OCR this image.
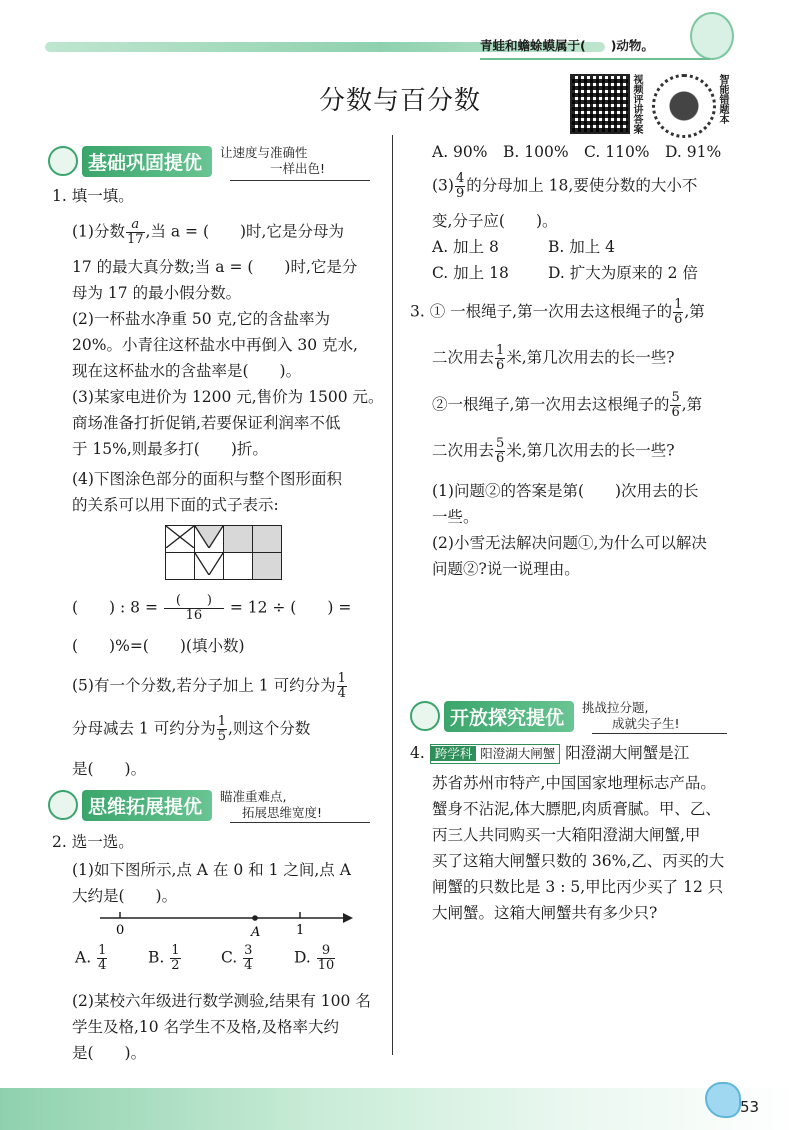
青蛙和蟾蜍蟆属于(　　)动物。
分数与百分数	视频评讲答案	智能错题本
基础巩固提优	让速度与准确性
一样出色!
1. 填一填。
(1)分数 $\frac{a}{17}$ ,当 a = (　　)时,它是分母为
17 的最大真分数;当 a = (　　)时,它是分
母为 17 的最小假分数。
(2)一杯盐水净重 50 克,它的含盐率为
20%。小青往这杯盐水中再倒入 30 克水,
现在这杯盐水的含盐率是(　　)。
(3)某家电进价为 1200 元,售价为 1500 元。
商场准备打折促销,若要保证利润率不低
于 15%,则最多打(　　)折。
(4)下图涂色部分的面积与整个图形面积
的关系可以用下面的式子表示:

(　　) : $8 = \frac{( )}{16} = 12$ ÷ (　　) =
(　　)%=(　　)(填小数)
(5)有一个分数,若分子加上 1 可约分为 $\frac{1}{4}$
分母减去 1 可约分为 $\frac{1}{5}$ ,则这个分数
是(　　)。
思维拓展提优	瞄准重难点,
拓展思维宽度!
2. 选一选。
(1)如下图所示,点 A 在 0 和 1 之间,点 A
大约是(　　)。
0	A	1
A. $\frac{1}{4}$	B. $\frac{1}{2}$	C. $\frac{3}{4}$	D. $\frac{9}{10}$
(2)某校六年级进行数学测验,结果有 100 名
学生及格,10 名学生不及格,及格率大约
是(　　)。
A. 90%　B. 100%　C. 110%　D. 91%
$(3) \frac{4}{9}$ 的分母加上 18,要使分数的大小不
变,分子应(　　)。
A. 加上 8	B. 加上 4
C. 加上 18	D. 扩大为原来的 2 倍
3. ① 一根绳子,第一次用去这根绳子的 $\frac{1}{6}$ ,第
二次用去 $\frac{1}{6}$ 米,第几次用去的长一些?
②一根绳子,第一次用去这根绳子的 $\frac{5}{6}$ ,第
二次用去 $\frac{5}{6}$ 米,第几次用去的长一些?
(1)问题②的答案是第(　　)次用去的长
一些。
(2)小雪无法解决问题①,为什么可以解决
问题②?说一说理由。
开放探究提优	挑战拉分题,
成就尖子生!
4. 跨学科 阳澄湖大闸蟹 阳澄湖大闸蟹是江
苏省苏州市特产,中国国家地理标志产品。
蟹身不沾泥,体大膘肥,肉质膏腻。甲、乙、
丙三人共同购买一大箱阳澄湖大闸蟹,甲
买了这箱大闸蟹只数的 36%,乙、丙买的大
闸蟹的只数比是 3 : 5,甲比丙少买了 12 只
大闸蟹。这箱大闸蟹共有多少只?
53
